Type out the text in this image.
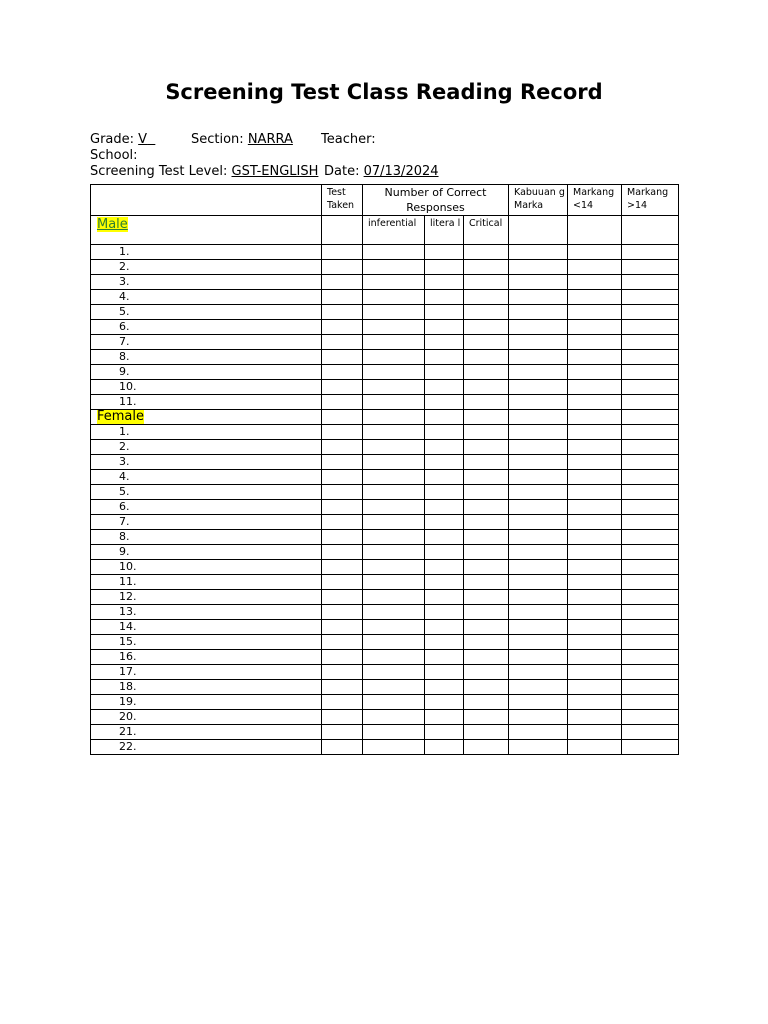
Screening Test Class Reading Record
Grade: V	Section: NARRA Teacher:
School:
Screening Test Level: GST-ENGLISH Date: 07/13/2024
	Test Taken	Number of Correct Responses			Kabuuan g Marka	Markang <14	Markang >14
Male		inferential	litera l	Critical			
1.							
2.							
3.							
4.							
5.							
6.							
7.							
8.							
9.							
10.							
11.							
Female							
1.							
2.							
3.							
4.							
5.							
6.							
7.							
8.							
9.							
10.							
11.							
12.							
13.							
14.							
15.							
16.							
17.							
18.							
19.							
20.							
21.							
22.							
